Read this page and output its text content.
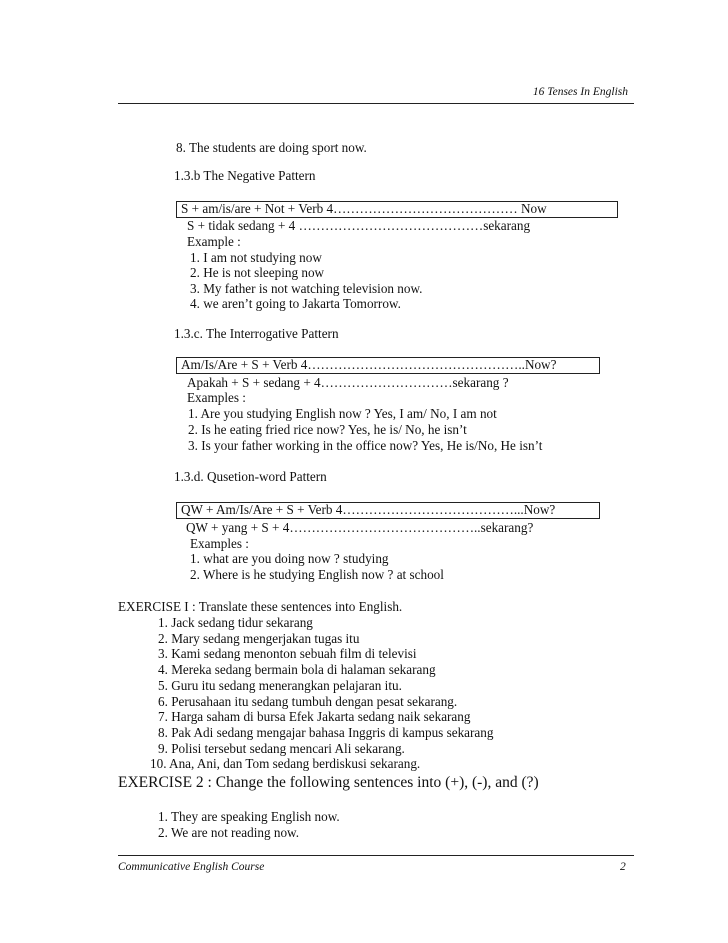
16 Tenses In English
8. The students are doing sport now.
1.3.b The Negative Pattern
S + am/is/are + Not + Verb 4…………………………………… Now
S + tidak sedang + 4 ……………………………………sekarang
Example :
1. I am not studying now
2. He is not sleeping now
3. My father is not watching television now.
4. we aren’t going to Jakarta Tomorrow.
1.3.c. The Interrogative Pattern
Am/Is/Are + S + Verb 4…………………………………………..Now?
Apakah + S + sedang + 4…………………………sekarang ?
Examples :
1. Are you studying English now ? Yes, I am/ No, I am not
2. Is he eating fried rice now? Yes, he is/ No, he isn’t
3. Is your father working in the office now? Yes, He is/No, He isn’t
1.3.d. Qusetion-word Pattern
QW + Am/Is/Are + S + Verb 4…………………………………...Now?
QW + yang + S + 4……………………………………..sekarang?
Examples :
1. what are you doing now ? studying
2. Where is he studying English now ? at school
EXERCISE I : Translate these sentences into English.
1. Jack sedang tidur sekarang
2. Mary sedang mengerjakan tugas itu
3. Kami sedang menonton sebuah film di televisi
4. Mereka sedang bermain bola di halaman sekarang
5. Guru itu sedang menerangkan pelajaran itu.
6. Perusahaan itu sedang tumbuh dengan pesat sekarang.
7. Harga saham di bursa Efek Jakarta sedang naik sekarang
8. Pak Adi sedang mengajar bahasa Inggris di kampus sekarang
9. Polisi tersebut sedang mencari Ali sekarang.
10. Ana, Ani, dan Tom sedang berdiskusi sekarang.
EXERCISE 2 : Change the following sentences into (+), (-), and (?)
1. They are speaking English now.
2. We are not reading now.
Communicative English Course	2
